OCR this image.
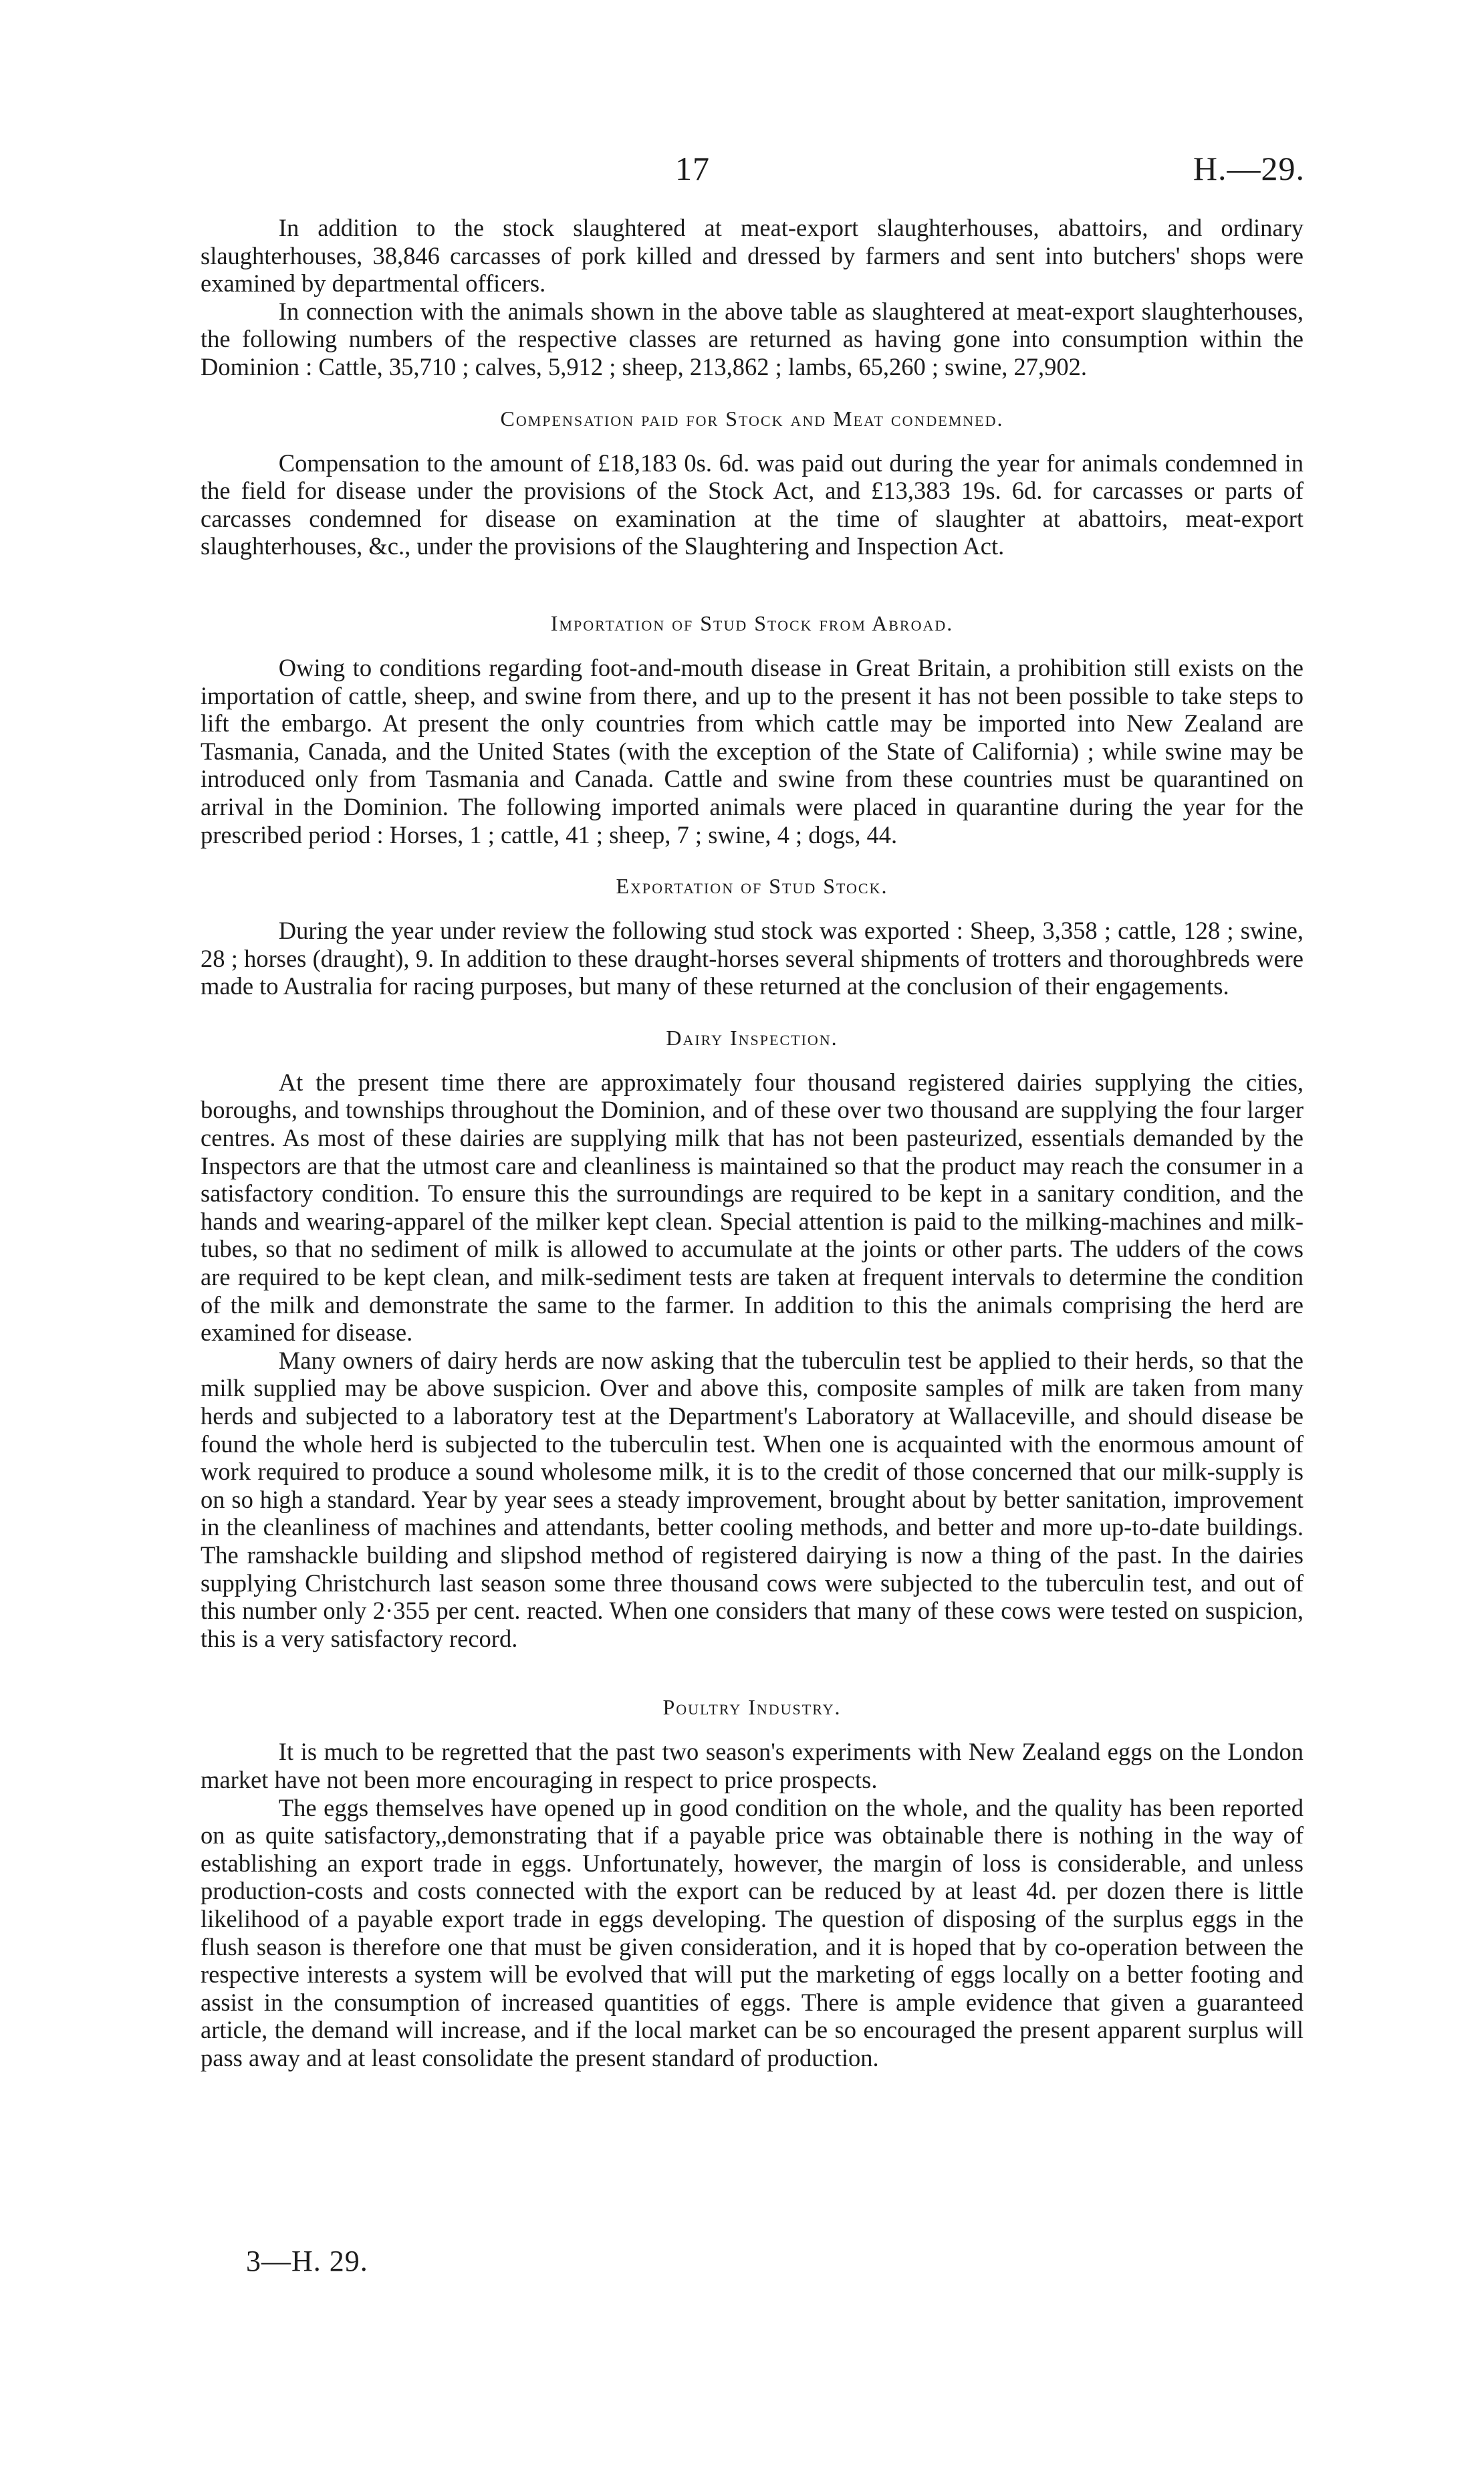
17	H.—29.

In addition to the stock slaughtered at meat-export slaughterhouses, abattoirs, and ordinary slaughterhouses, 38,846 carcasses of pork killed and dressed by farmers and sent into butchers' shops were examined by departmental officers.

In connection with the animals shown in the above table as slaughtered at meat-export slaughterhouses, the following numbers of the respective classes are returned as having gone into consumption within the Dominion : Cattle, 35,710 ; calves, 5,912 ; sheep, 213,862 ; lambs, 65,260 ; swine, 27,902.

Compensation paid for Stock and Meat condemned.

Compensation to the amount of £18,183 0s. 6d. was paid out during the year for animals condemned in the field for disease under the provisions of the Stock Act, and £13,383 19s. 6d. for carcasses or parts of carcasses condemned for disease on examination at the time of slaughter at abattoirs, meat-export slaughterhouses, &c., under the provisions of the Slaughtering and Inspection Act.

Importation of Stud Stock from Abroad.

Owing to conditions regarding foot-and-mouth disease in Great Britain, a prohibition still exists on the importation of cattle, sheep, and swine from there, and up to the present it has not been possible to take steps to lift the embargo. At present the only countries from which cattle may be imported into New Zealand are Tasmania, Canada, and the United States (with the exception of the State of California) ; while swine may be introduced only from Tasmania and Canada. Cattle and swine from these countries must be quarantined on arrival in the Dominion. The following imported animals were placed in quarantine during the year for the prescribed period : Horses, 1 ; cattle, 41 ; sheep, 7 ; swine, 4 ; dogs, 44.

Exportation of Stud Stock.

During the year under review the following stud stock was exported : Sheep, 3,358 ; cattle, 128 ; swine, 28 ; horses (draught), 9. In addition to these draught-horses several shipments of trotters and thoroughbreds were made to Australia for racing purposes, but many of these returned at the conclusion of their engagements.

Dairy Inspection.

At the present time there are approximately four thousand registered dairies supplying the cities, boroughs, and townships throughout the Dominion, and of these over two thousand are supplying the four larger centres. As most of these dairies are supplying milk that has not been pasteurized, essentials demanded by the Inspectors are that the utmost care and cleanliness is maintained so that the product may reach the consumer in a satisfactory condition. To ensure this the surroundings are required to be kept in a sanitary condition, and the hands and wearing-apparel of the milker kept clean. Special attention is paid to the milking-machines and milk-tubes, so that no sediment of milk is allowed to accumulate at the joints or other parts. The udders of the cows are required to be kept clean, and milk-sediment tests are taken at frequent intervals to determine the condition of the milk and demonstrate the same to the farmer. In addition to this the animals comprising the herd are examined for disease.

Many owners of dairy herds are now asking that the tuberculin test be applied to their herds, so that the milk supplied may be above suspicion. Over and above this, composite samples of milk are taken from many herds and subjected to a laboratory test at the Department's Laboratory at Wallaceville, and should disease be found the whole herd is subjected to the tuberculin test. When one is acquainted with the enormous amount of work required to produce a sound wholesome milk, it is to the credit of those concerned that our milk-supply is on so high a standard. Year by year sees a steady improvement, brought about by better sanitation, improvement in the cleanliness of machines and attendants, better cooling methods, and better and more up-to-date buildings. The ramshackle building and slipshod method of registered dairying is now a thing of the past. In the dairies supplying Christchurch last season some three thousand cows were subjected to the tuberculin test, and out of this number only 2·355 per cent. reacted. When one considers that many of these cows were tested on suspicion, this is a very satisfactory record.

Poultry Industry.

It is much to be regretted that the past two season's experiments with New Zealand eggs on the London market have not been more encouraging in respect to price prospects.

The eggs themselves have opened up in good condition on the whole, and the quality has been reported on as quite satisfactory,,demonstrating that if a payable price was obtainable there is nothing in the way of establishing an export trade in eggs. Unfortunately, however, the margin of loss is considerable, and unless production-costs and costs connected with the export can be reduced by at least 4d. per dozen there is little likelihood of a payable export trade in eggs developing. The question of disposing of the surplus eggs in the flush season is therefore one that must be given consideration, and it is hoped that by co-operation between the respective interests a system will be evolved that will put the marketing of eggs locally on a better footing and assist in the consumption of increased quantities of eggs. There is ample evidence that given a guaranteed article, the demand will increase, and if the local market can be so encouraged the present apparent surplus will pass away and at least consolidate the present standard of production.

3—H. 29.
